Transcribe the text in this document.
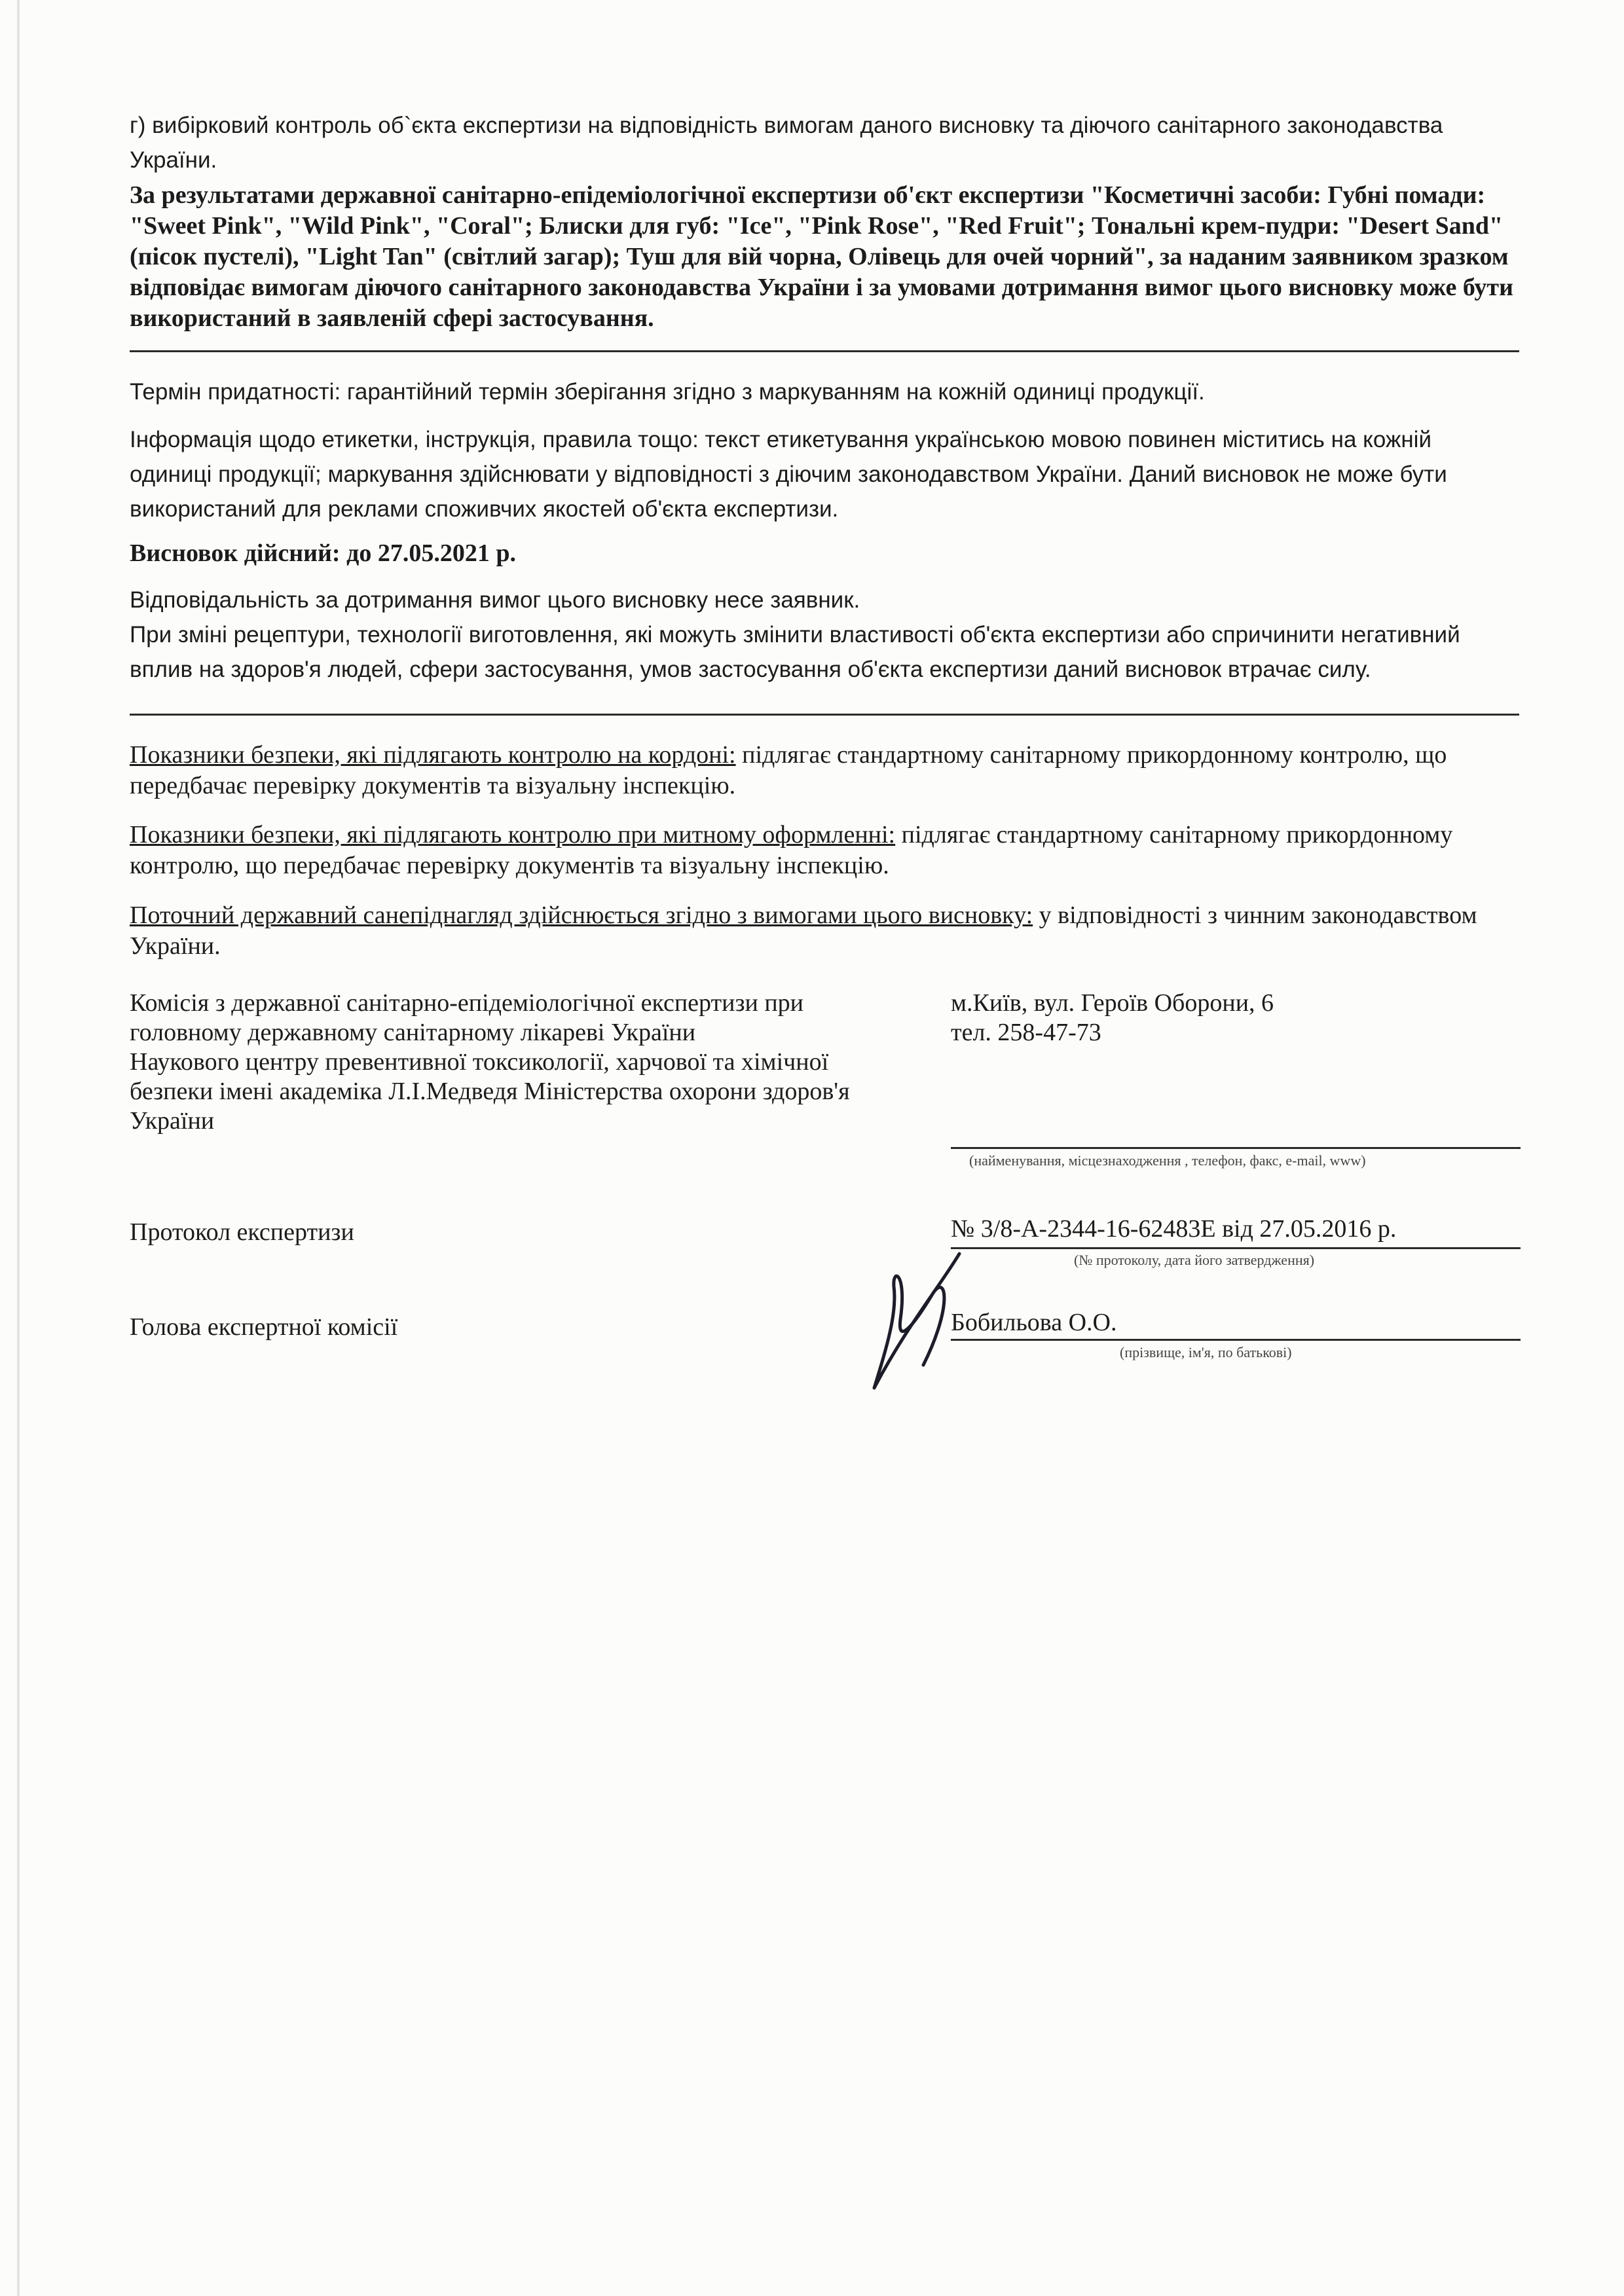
г) вибірковий контроль об`єкта експертизи на відповідність вимогам даного висновку та діючого санітарного законодавства України.

За результатами державної санітарно-епідеміологічної експертизи об'єкт експертизи "Косметичні засоби: Губні помади: "Sweet Pink", "Wild Pink", "Coral"; Блиски для губ: "Ice", "Pink Rose", "Red Fruit"; Тональні крем-пудри: "Desert Sand" (пісок пустелі), "Light Tan" (світлий загар); Туш для вій чорна, Олівець для очей чорний", за наданим заявником зразком відповідає вимогам діючого санітарного законодавства України і за умовами дотримання вимог цього висновку може бути використаний в заявленій сфері застосування.

Термін придатності: гарантійний термін зберігання згідно з маркуванням на кожній одиниці продукції.

Інформація щодо етикетки, інструкція, правила тощо: текст етикетування українською мовою повинен міститись на кожній одиниці продукції; маркування здійснювати у відповідності з діючим законодавством України. Даний висновок не може бути використаний для реклами споживчих якостей об'єкта експертизи.

Висновок дійсний: до 27.05.2021 р.

Відповідальність за дотримання вимог цього висновку несе заявник.

При зміні рецептури, технології виготовлення, які можуть змінити властивості об'єкта експертизи або спричинити негативний вплив на здоров'я людей, сфери застосування, умов застосування об'єкта експертизи даний висновок втрачає силу.

Показники безпеки, які підлягають контролю на кордоні: підлягає стандартному санітарному прикордонному контролю, що передбачає перевірку документів та візуальну інспекцію.

Показники безпеки, які підлягають контролю при митному оформленні: підлягає стандартному санітарному прикордонному контролю, що передбачає перевірку документів та візуальну інспекцію.

Поточний державний санепіднагляд здійснюється згідно з вимогами цього висновку: у відповідності з чинним законодавством України.

Комісія з державної санітарно-епідеміологічної експертизи при
головному державному санітарному лікареві України
Наукового центру превентивної токсикології, харчової та хімічної
безпеки імені академіка Л.І.Медведя Міністерства охорони здоров'я
України
м.Київ, вул. Героїв Оборони, 6
тел. 258-47-73
(найменування, місцезнаходження , телефон, факс, e-mail, www)
Протокол експертизи	№ 3/8-А-2344-16-62483Е від 27.05.2016 р.
(№ протоколу, дата його затвердження)
Голова експертної комісії	Бобильова О.О.
(прізвище, ім'я, по батькові)
